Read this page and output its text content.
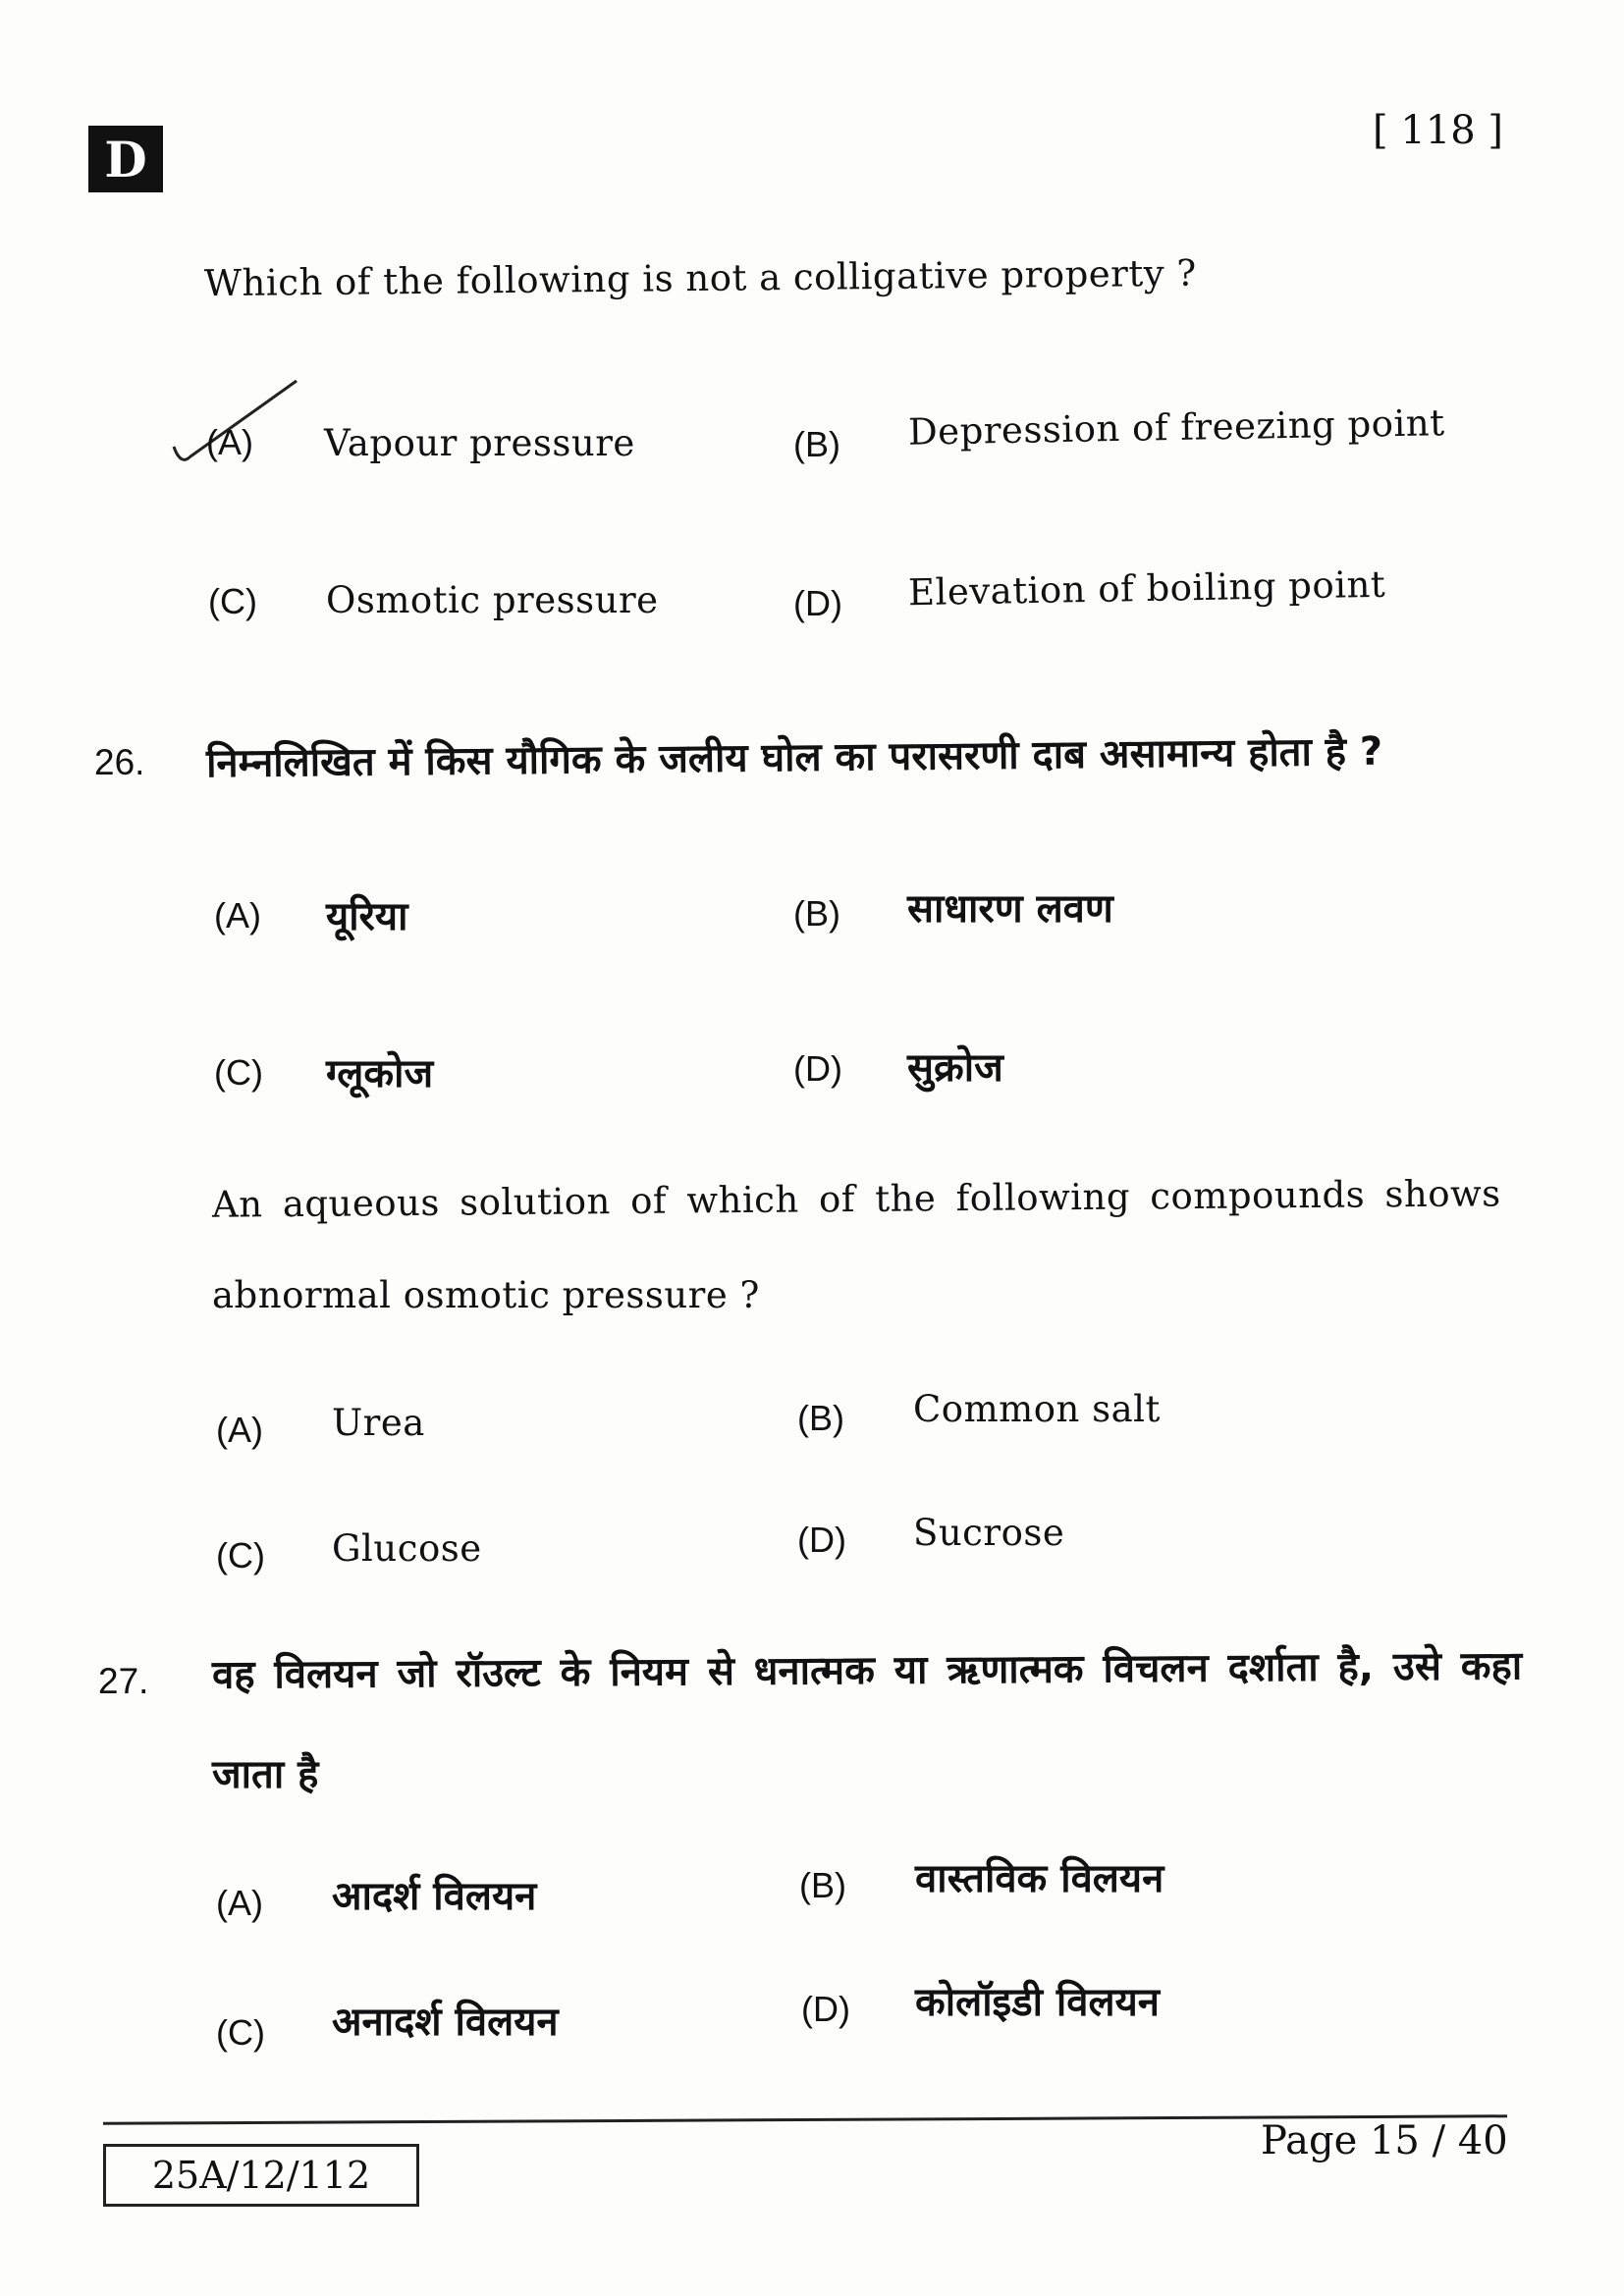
D	[ 118 ]
Which of the following is not a colligative property ?
(A) Vapour pressure	(B) Depression of freezing point
(C) Osmotic pressure	(D) Elevation of boiling point
26. निम्नलिखित में किस यौगिक के जलीय घोल का परासरणी दाब असामान्य होता है ?
(A) यूरिया	(B) साधारण लवण
(C) ग्लूकोज	(D) सुक्रोज
An aqueous solution of which of the following compounds shows
abnormal osmotic pressure ?
(A) Urea	(B) Common salt
(C) Glucose	(D) Sucrose
27. वह विलयन जो रॉउल्ट के नियम से धनात्मक या ऋणात्मक विचलन दर्शाता है, उसे कहा
जाता है
(A) आदर्श विलयन	(B) वास्तविक विलयन
(C) अनादर्श विलयन	(D) कोलॉइडी विलयन
25A/12/112
Page 15 / 40
